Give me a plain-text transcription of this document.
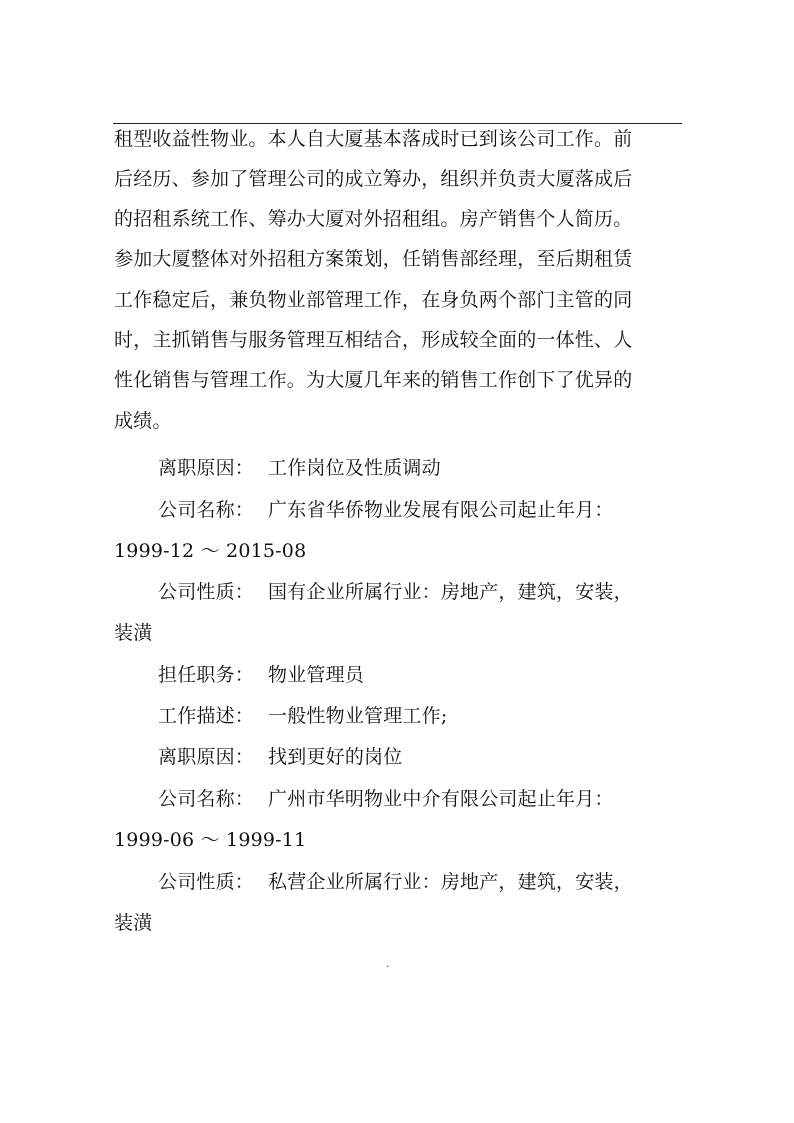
租型收益性物业。本人自大厦基本落成时已到该公司工作。前
后经历、参加了管理公司的成立筹办，组织并负责大厦落成后
的招租系统工作、筹办大厦对外招租组。房产销售个人简历。
参加大厦整体对外招租方案策划，任销售部经理，至后期租赁
工作稳定后，兼负物业部管理工作，在身负两个部门主管的同
时，主抓销售与服务管理互相结合，形成较全面的一体性、人
性化销售与管理工作。为大厦几年来的销售工作创下了优异的
成绩。
离职原因： 工作岗位及性质调动
公司名称： 广东省华侨物业发展有限公司起止年月：
1999-12 ～ 2015-08
公司性质： 国有企业所属行业：房地产，建筑，安装，
装潢
担任职务： 物业管理员
工作描述： 一般性物业管理工作;
离职原因： 找到更好的岗位
公司名称： 广州市华明物业中介有限公司起止年月：
1999-06 ～ 1999-11
公司性质： 私营企业所属行业：房地产，建筑，安装，
装潢
.
